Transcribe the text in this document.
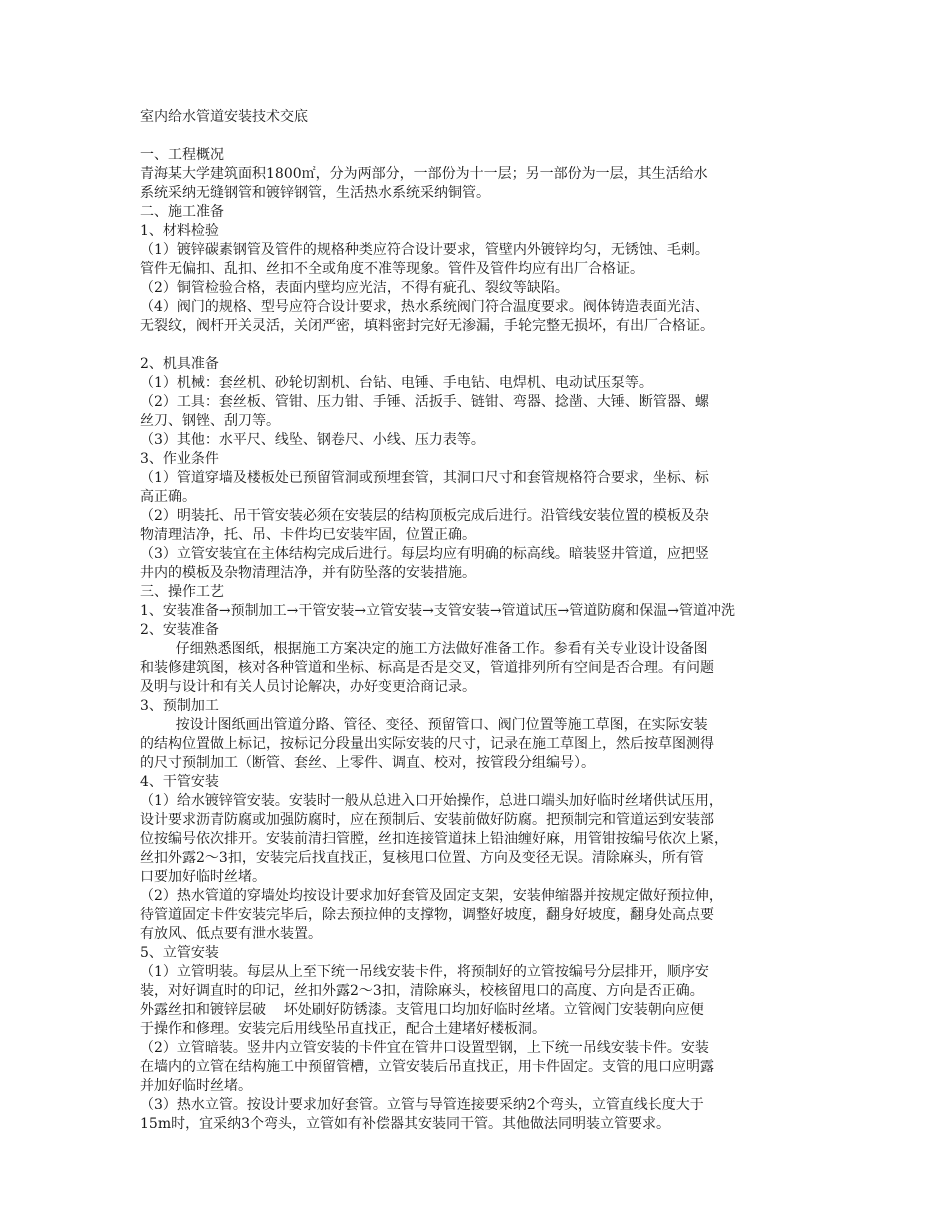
室内给水管道安装技术交底
一、工程概况
青海某大学建筑面积1800㎡，分为两部分，一部份为十一层；另一部份为一层，其生活给水
系统采纳无缝钢管和镀锌钢管，生活热水系统采纳铜管。
二、施工准备
1、材料检验
（1）镀锌碳素钢管及管件的规格种类应符合设计要求，管壁内外镀锌均匀，无锈蚀、毛刺。
管件无偏扣、乱扣、丝扣不全或角度不准等现象。管件及管件均应有出厂合格证。
（2）铜管检验合格，表面内壁均应光洁，不得有疵孔、裂纹等缺陷。
（4）阀门的规格、型号应符合设计要求，热水系统阀门符合温度要求。阀体铸造表面光洁、
无裂纹，阀杆开关灵活，关闭严密，填料密封完好无渗漏，手轮完整无损坏，有出厂合格证。
2、机具准备
（1）机械：套丝机、砂轮切割机、台钻、电锤、手电钻、电焊机、电动试压泵等。
（2）工具：套丝板、管钳、压力钳、手锤、活扳手、链钳、弯器、捻凿、大锤、断管器、螺
丝刀、钢锉、刮刀等。
（3）其他：水平尺、线坠、钢卷尺、小线、压力表等。
3、作业条件
（1）管道穿墙及楼板处已预留管洞或预埋套管，其洞口尺寸和套管规格符合要求，坐标、标
高正确。
（2）明装托、吊干管安装必须在安装层的结构顶板完成后进行。沿管线安装位置的模板及杂
物清理洁净，托、吊、卡件均已安装牢固，位置正确。
（3）立管安装宜在主体结构完成后进行。每层均应有明确的标高线。暗装竖井管道，应把竖
井内的模板及杂物清理洁净，并有防坠落的安装措施。
三、操作工艺
1、安装准备→预制加工→干管安装→立管安装→支管安装→管道试压→管道防腐和保温→管道冲洗
2、安装准备
仔细熟悉图纸，根据施工方案决定的施工方法做好准备工作。参看有关专业设计设备图
和装修建筑图，核对各种管道和坐标、标高是否是交叉，管道排列所有空间是否合理。有问题
及明与设计和有关人员讨论解决，办好变更洽商记录。
3、预制加工
按设计图纸画出管道分路、管径、变径、预留管口、阀门位置等施工草图，在实际安装
的结构位置做上标记，按标记分段量出实际安装的尺寸，记录在施工草图上，然后按草图测得
的尺寸预制加工（断管、套丝、上零件、调直、校对，按管段分组编号）。
4、干管安装
（1）给水镀锌管安装。安装时一般从总进入口开始操作，总进口端头加好临时丝堵供试压用，
设计要求沥青防腐或加强防腐时，应在预制后、安装前做好防腐。把预制完和管道运到安装部
位按编号依次排开。安装前清扫管膛，丝扣连接管道抹上铅油缠好麻，用管钳按编号依次上紧，
丝扣外露2～3扣，安装完后找直找正，复核甩口位置、方向及变径无误。清除麻头，所有管
口要加好临时丝堵。
（2）热水管道的穿墙处均按设计要求加好套管及固定支架，安装伸缩器并按规定做好预拉伸，
待管道固定卡件安装完毕后，除去预拉伸的支撑物，调整好坡度，翻身好坡度，翻身处高点要
有放风、低点要有泄水装置。
5、立管安装
（1）立管明装。每层从上至下统一吊线安装卡件，将预制好的立管按编号分层排开，顺序安
装，对好调直时的印记，丝扣外露2～3扣，清除麻头，校核留甩口的高度、方向是否正确。
外露丝扣和镀锌层破    坏处刷好防锈漆。支管甩口均加好临时丝堵。立管阀门安装朝向应便
于操作和修理。安装完后用线坠吊直找正，配合土建堵好楼板洞。
（2）立管暗装。竖井内立管安装的卡件宜在管井口设置型钢，上下统一吊线安装卡件。安装
在墙内的立管在结构施工中预留管槽，立管安装后吊直找正，用卡件固定。支管的甩口应明露
并加好临时丝堵。
（3）热水立管。按设计要求加好套管。立管与导管连接要采纳2个弯头，立管直线长度大于
15m时，宜采纳3个弯头，立管如有补偿器其安装同干管。其他做法同明装立管要求。
